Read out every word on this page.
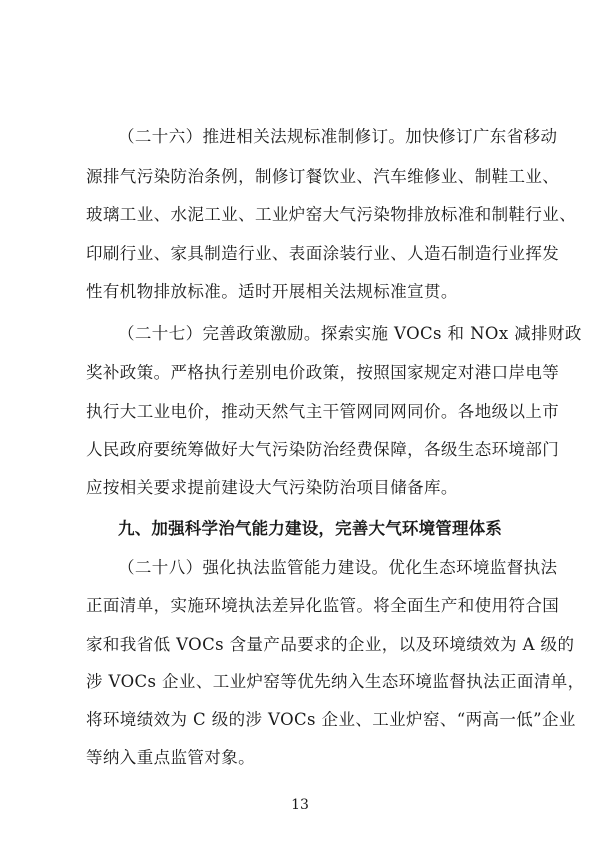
（二十六）推进相关法规标准制修订。加快修订广东省移动
源排气污染防治条例，制修订餐饮业、汽车维修业、制鞋工业、
玻璃工业、水泥工业、工业炉窑大气污染物排放标准和制鞋行业、
印刷行业、家具制造行业、表面涂装行业、人造石制造行业挥发
性有机物排放标准。适时开展相关法规标准宣贯。
（二十七）完善政策激励。探索实施 VOCs 和 NOx 减排财政
奖补政策。严格执行差别电价政策，按照国家规定对港口岸电等
执行大工业电价，推动天然气主干管网同网同价。各地级以上市
人民政府要统筹做好大气污染防治经费保障，各级生态环境部门
应按相关要求提前建设大气污染防治项目储备库。
九、加强科学治气能力建设，完善大气环境管理体系
（二十八）强化执法监管能力建设。优化生态环境监督执法
正面清单，实施环境执法差异化监管。将全面生产和使用符合国
家和我省低 VOCs 含量产品要求的企业，以及环境绩效为 A 级的
涉 VOCs 企业、工业炉窑等优先纳入生态环境监督执法正面清单，
将环境绩效为 C 级的涉 VOCs 企业、工业炉窑、“两高一低”企业
等纳入重点监管对象。
13
